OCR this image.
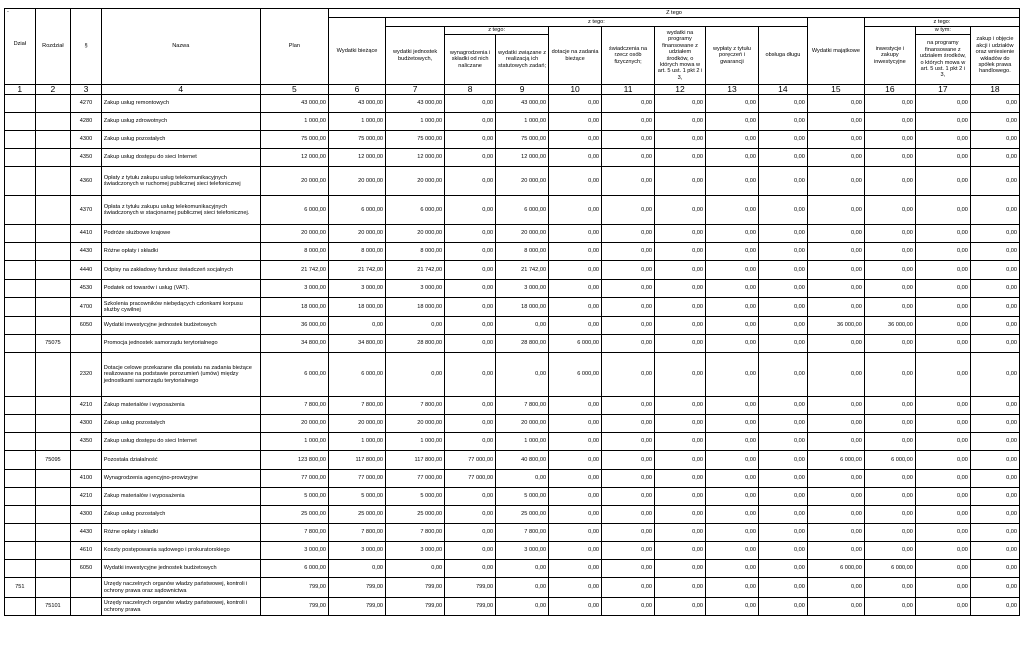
-
Dział	Rozdział	§	Nazwa	Plan	Z tego												
					Wydatki bieżące	z tego:								Wydatki majątkowe	z tego:		
						wydatki jednostek budżetowych,	z tego:		dotacje na zadania bieżące	świadczenia na rzecz osób fizycznych;	wydatki na programy finansowane z udziałem środków, o których mowa w art. 5 ust. 1 pkt 2 i 3,	wypłaty z tytułu poręczeń i gwarancji	obsługa długu		inwestycje i zakupy inwestycyjne	w tym:	zakup i objęcie akcji i udziałów oraz wniesienie wkładów do spółek prawa handlowego.
							wynagrodzenia i składki od nich naliczane	wydatki związane z realizacją ich statutowych zadań;								na programy finansowane z udziałem środków, o których mowa w art. 5 ust. 1 pkt 2 i 3,	
1	2	3	4	5	6	7	8	9	10	11	12	13	14	15	16	17	18
		4270	Zakup usług remontowych	43 000,00	43 000,00	43 000,00	0,00	43 000,00	0,00	0,00	0,00	0,00	0,00	0,00	0,00	0,00	0,00
		4280	Zakup usług zdrowotnych	1 000,00	1 000,00	1 000,00	0,00	1 000,00	0,00	0,00	0,00	0,00	0,00	0,00	0,00	0,00	0,00
		4300	Zakup usług pozostałych	75 000,00	75 000,00	75 000,00	0,00	75 000,00	0,00	0,00	0,00	0,00	0,00	0,00	0,00	0,00	0,00
		4350	Zakup usług dostępu do sieci Internet	12 000,00	12 000,00	12 000,00	0,00	12 000,00	0,00	0,00	0,00	0,00	0,00	0,00	0,00	0,00	0,00
		4360	Opłaty z tytułu zakupu usług telekomunikacyjnych świadczonych w ruchomej publicznej sieci telefonicznej	20 000,00	20 000,00	20 000,00	0,00	20 000,00	0,00	0,00	0,00	0,00	0,00	0,00	0,00	0,00	0,00
		4370	Opłata z tytułu zakupu usług telekomunikacyjnych świadczonych w stacjonarnej publicznej sieci telefonicznej.	6 000,00	6 000,00	6 000,00	0,00	6 000,00	0,00	0,00	0,00	0,00	0,00	0,00	0,00	0,00	0,00
		4410	Podróże służbowe krajowe	20 000,00	20 000,00	20 000,00	0,00	20 000,00	0,00	0,00	0,00	0,00	0,00	0,00	0,00	0,00	0,00
		4430	Różne opłaty i składki	8 000,00	8 000,00	8 000,00	0,00	8 000,00	0,00	0,00	0,00	0,00	0,00	0,00	0,00	0,00	0,00
		4440	Odpisy na zakładowy fundusz świadczeń socjalnych	21 742,00	21 742,00	21 742,00	0,00	21 742,00	0,00	0,00	0,00	0,00	0,00	0,00	0,00	0,00	0,00
		4530	Podatek od towarów i usług (VAT).	3 000,00	3 000,00	3 000,00	0,00	3 000,00	0,00	0,00	0,00	0,00	0,00	0,00	0,00	0,00	0,00
		4700	Szkolenia pracowników niebędących członkami korpusu służby cywilnej	18 000,00	18 000,00	18 000,00	0,00	18 000,00	0,00	0,00	0,00	0,00	0,00	0,00	0,00	0,00	0,00
		6050	Wydatki inwestycyjne jednostek budżetowych	36 000,00	0,00	0,00	0,00	0,00	0,00	0,00	0,00	0,00	0,00	36 000,00	36 000,00	0,00	0,00
	75075		Promocja jednostek samorządu terytorialnego	34 800,00	34 800,00	28 800,00	0,00	28 800,00	6 000,00	0,00	0,00	0,00	0,00	0,00	0,00	0,00	0,00
		2320	Dotacje celowe przekazane dla powiatu na zadania bieżące realizowane na podstawie porozumień (umów) między jednostkami samorządu terytorialnego	6 000,00	6 000,00	0,00	0,00	0,00	6 000,00	0,00	0,00	0,00	0,00	0,00	0,00	0,00	0,00
		4210	Zakup materiałów i wyposażenia	7 800,00	7 800,00	7 800,00	0,00	7 800,00	0,00	0,00	0,00	0,00	0,00	0,00	0,00	0,00	0,00
		4300	Zakup usług pozostałych	20 000,00	20 000,00	20 000,00	0,00	20 000,00	0,00	0,00	0,00	0,00	0,00	0,00	0,00	0,00	0,00
		4350	Zakup usług dostępu do sieci Internet	1 000,00	1 000,00	1 000,00	0,00	1 000,00	0,00	0,00	0,00	0,00	0,00	0,00	0,00	0,00	0,00
	75095		Pozostała działalność	123 800,00	117 800,00	117 800,00	77 000,00	40 800,00	0,00	0,00	0,00	0,00	0,00	6 000,00	6 000,00	0,00	0,00
		4100	Wynagrodzenia agencyjno-prowizyjne	77 000,00	77 000,00	77 000,00	77 000,00	0,00	0,00	0,00	0,00	0,00	0,00	0,00	0,00	0,00	0,00
		4210	Zakup materiałów i wyposażenia	5 000,00	5 000,00	5 000,00	0,00	5 000,00	0,00	0,00	0,00	0,00	0,00	0,00	0,00	0,00	0,00
		4300	Zakup usług pozostałych	25 000,00	25 000,00	25 000,00	0,00	25 000,00	0,00	0,00	0,00	0,00	0,00	0,00	0,00	0,00	0,00
		4430	Różne opłaty i składki	7 800,00	7 800,00	7 800,00	0,00	7 800,00	0,00	0,00	0,00	0,00	0,00	0,00	0,00	0,00	0,00
		4610	Koszty postępowania sądowego i prokuratorskiego	3 000,00	3 000,00	3 000,00	0,00	3 000,00	0,00	0,00	0,00	0,00	0,00	0,00	0,00	0,00	0,00
		6050	Wydatki inwestycyjne jednostek budżetowych	6 000,00	0,00	0,00	0,00	0,00	0,00	0,00	0,00	0,00	0,00	6 000,00	6 000,00	0,00	0,00
751			Urzędy naczelnych organów władzy państwowej, kontroli i ochrony prawa oraz sądownictwa	799,00	799,00	799,00	799,00	0,00	0,00	0,00	0,00	0,00	0,00	0,00	0,00	0,00	0,00
	75101		Urzędy naczelnych organów władzy państwowej, kontroli i ochrony prawa	799,00	799,00	799,00	799,00	0,00	0,00	0,00	0,00	0,00	0,00	0,00	0,00	0,00	0,00
